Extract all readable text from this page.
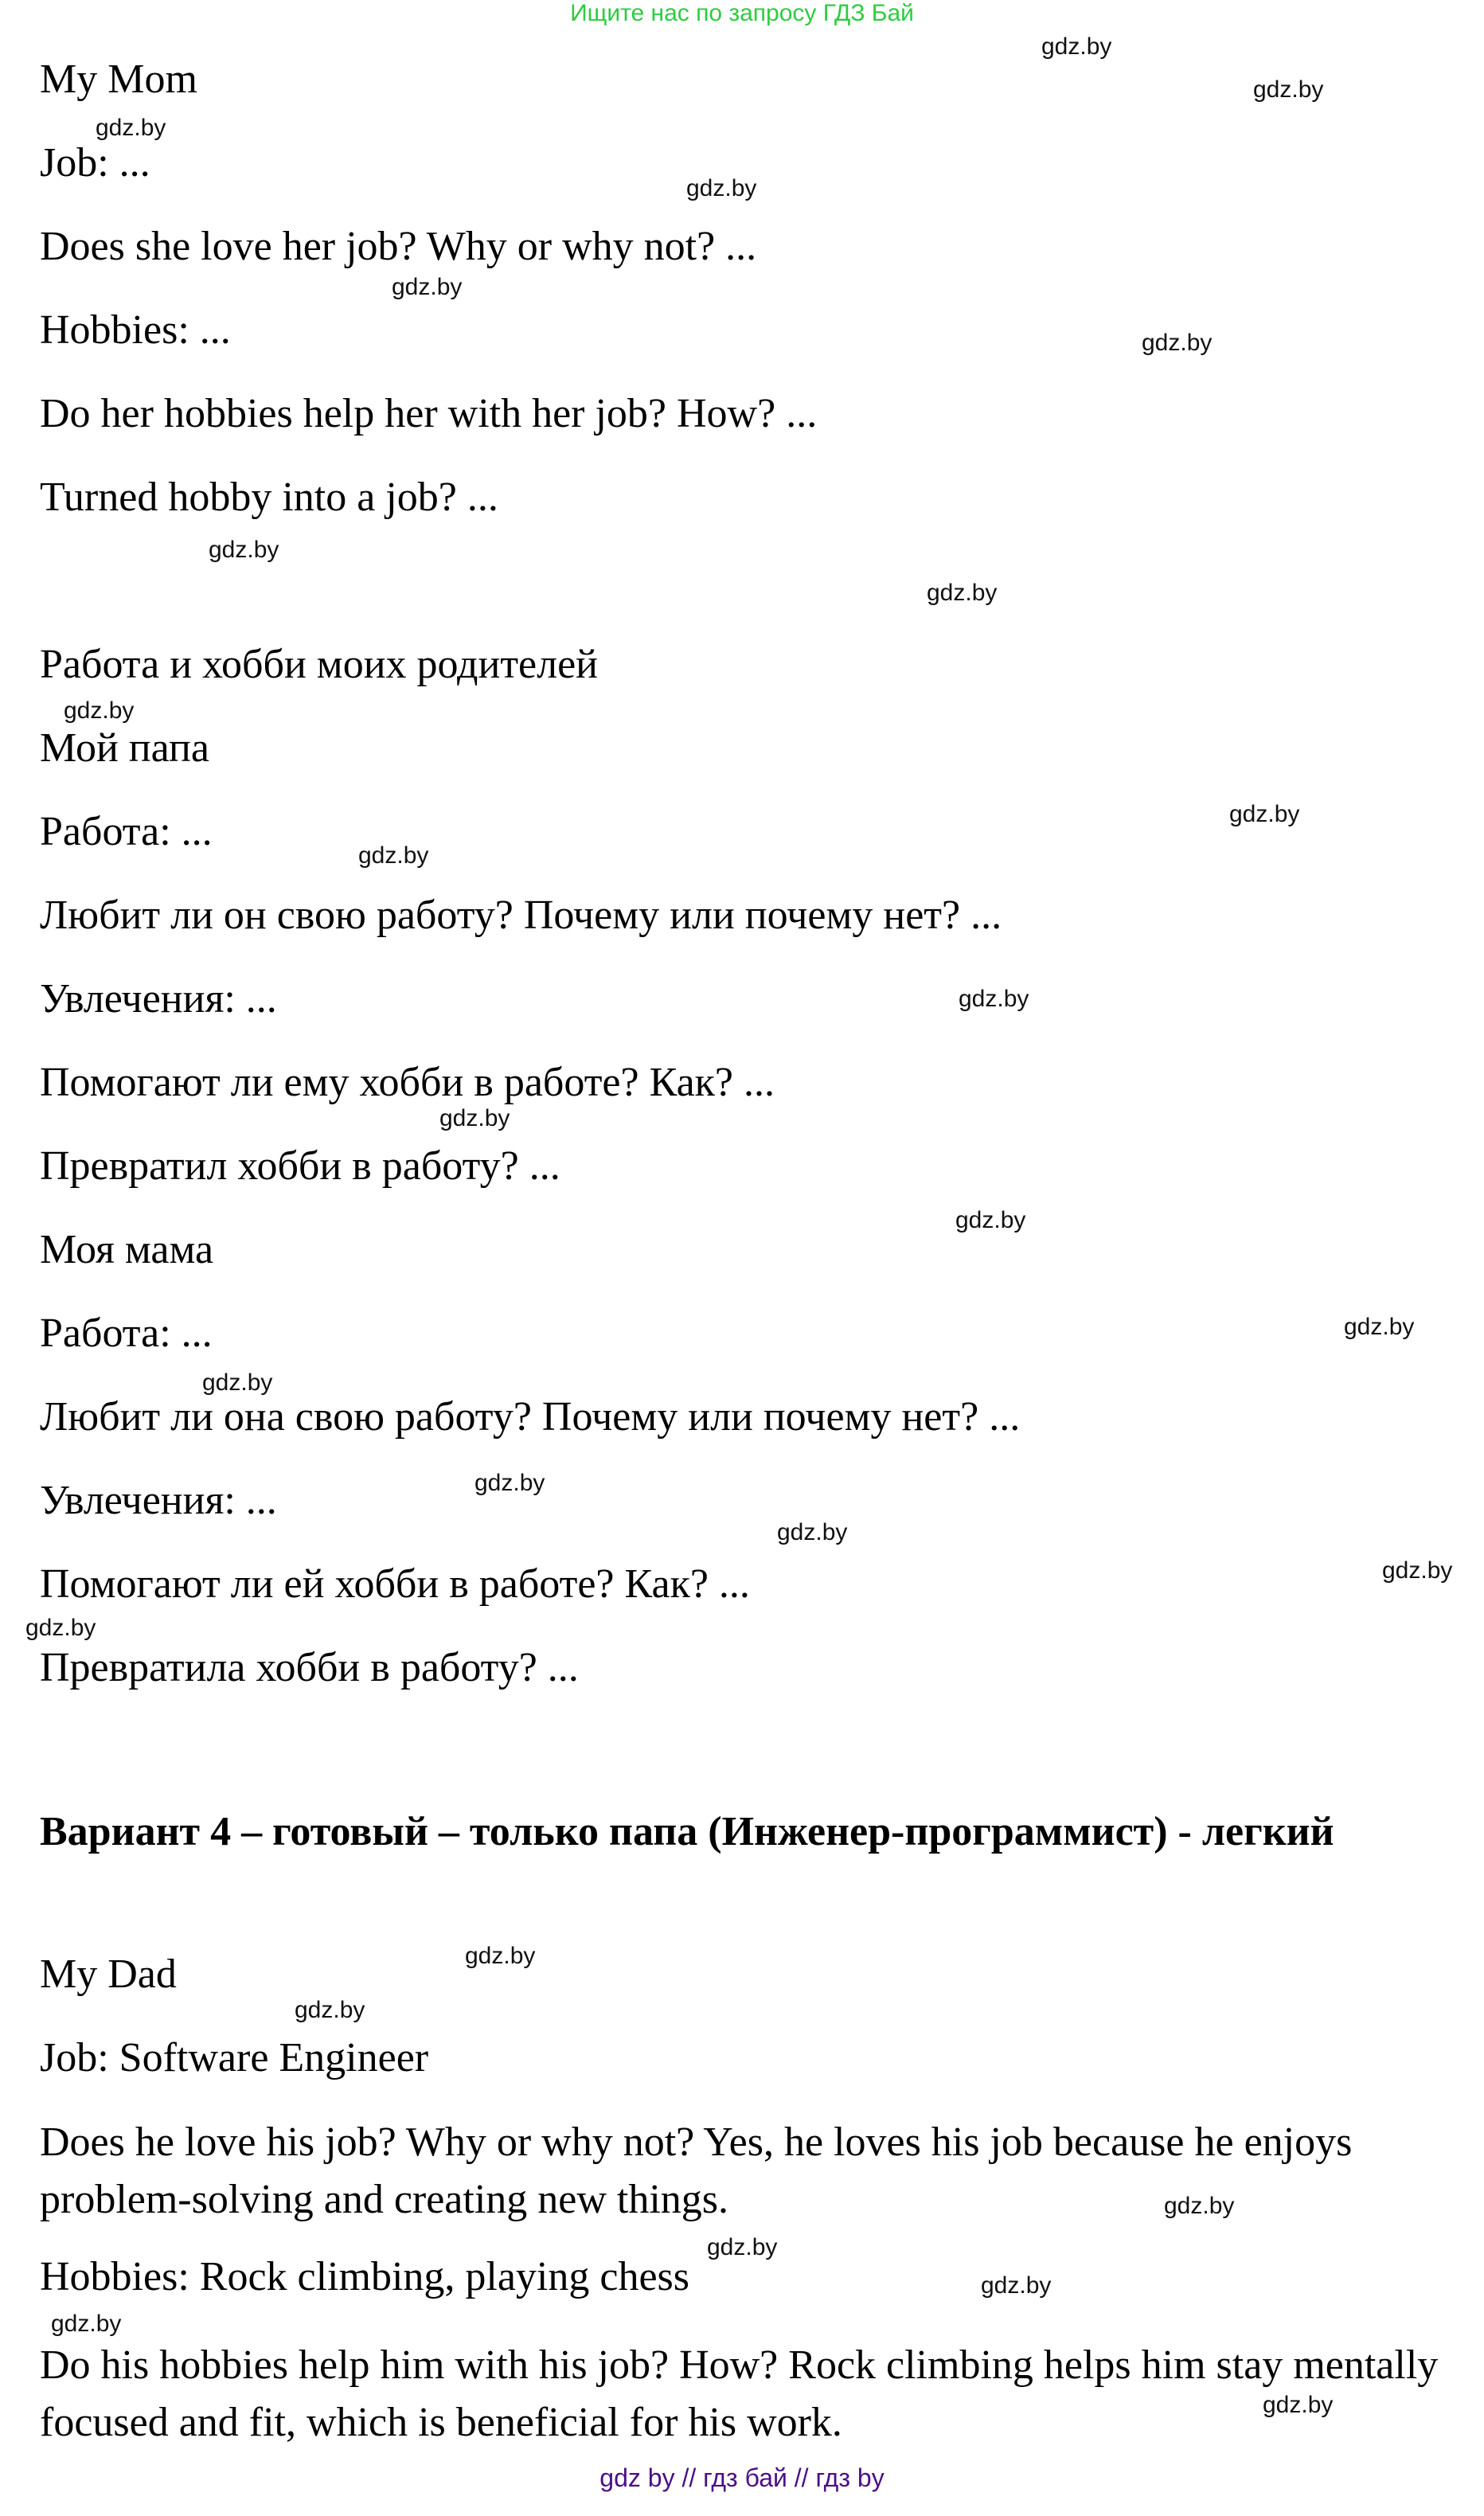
Ищите нас по запросу ГДЗ Бай
My Mom
Job: ...
Does she love her job? Why or why not? ...
Hobbies: ...
Do her hobbies help her with her job? How? ...
Turned hobby into a job? ...
Работа и хобби моих родителей
Мой папа
Работа: ...
Любит ли он свою работу? Почему или почему нет? ...
Увлечения: ...
Помогают ли ему хобби в работе? Как? ...
Превратил хобби в работу? ...
Моя мама
Работа: ...
Любит ли она свою работу? Почему или почему нет? ...
Увлечения: ...
Помогают ли ей хобби в работе? Как? ...
Превратила хобби в работу? ...
Вариант 4 – готовый – только папа (Инженер-программист) - легкий
My Dad
Job: Software Engineer
Does he love his job? Why or why not? Yes, he loves his job because he enjoys problem-solving and creating new things.
Hobbies: Rock climbing, playing chess
Do his hobbies help him with his job? How? Rock climbing helps him stay mentally focused and fit, which is beneficial for his work.
gdz.by
gdz.by
gdz.by
gdz.by
gdz.by
gdz.by
gdz.by
gdz.by
gdz.by
gdz.by
gdz.by
gdz.by
gdz.by
gdz.by
gdz.by
gdz.by
gdz.by
gdz.by
gdz.by
gdz.by
gdz.by
gdz.by
gdz.by
gdz.by
gdz.by
gdz.by
gdz.by
gdz by // гдз бай // гдз by
